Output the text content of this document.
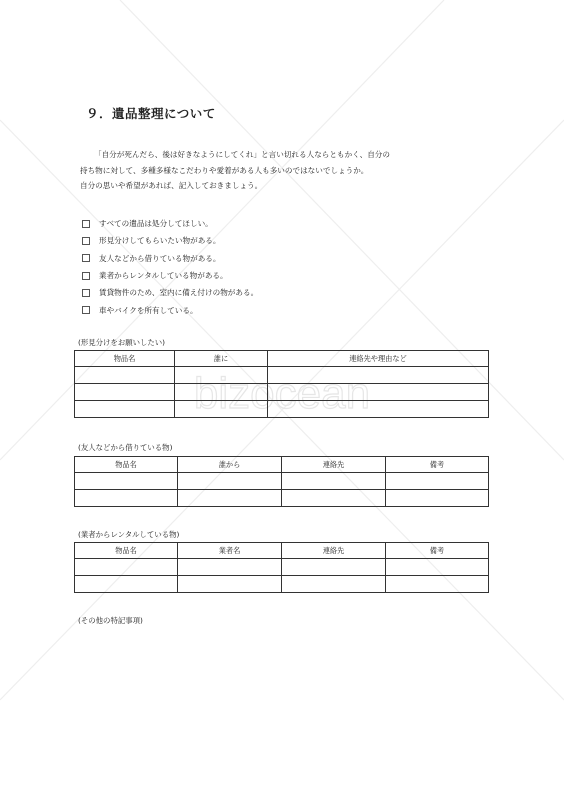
bizocean
９．遺品整理について

「自分が死んだら、後は好きなようにしてくれ」と言い切れる人ならともかく、自分の

持ち物に対して、多種多様なこだわりや愛着がある人も多いのではないでしょうか。

自分の思いや希望があれば、記入しておきましょう。

すべての遺品は処分してほしい。
形見分けしてもらいたい物がある。
友人などから借りている物がある。
業者からレンタルしている物がある。
賃貸物件のため、室内に備え付けの物がある。
車やバイクを所有している。
(形見分けをお願いしたい)
物品名	誰に	連絡先や理由など

(友人などから借りている物)
物品名	誰から	連絡先	備考

(業者からレンタルしている物)
物品名	業者名	連絡先	備考

(その他の特記事項)
